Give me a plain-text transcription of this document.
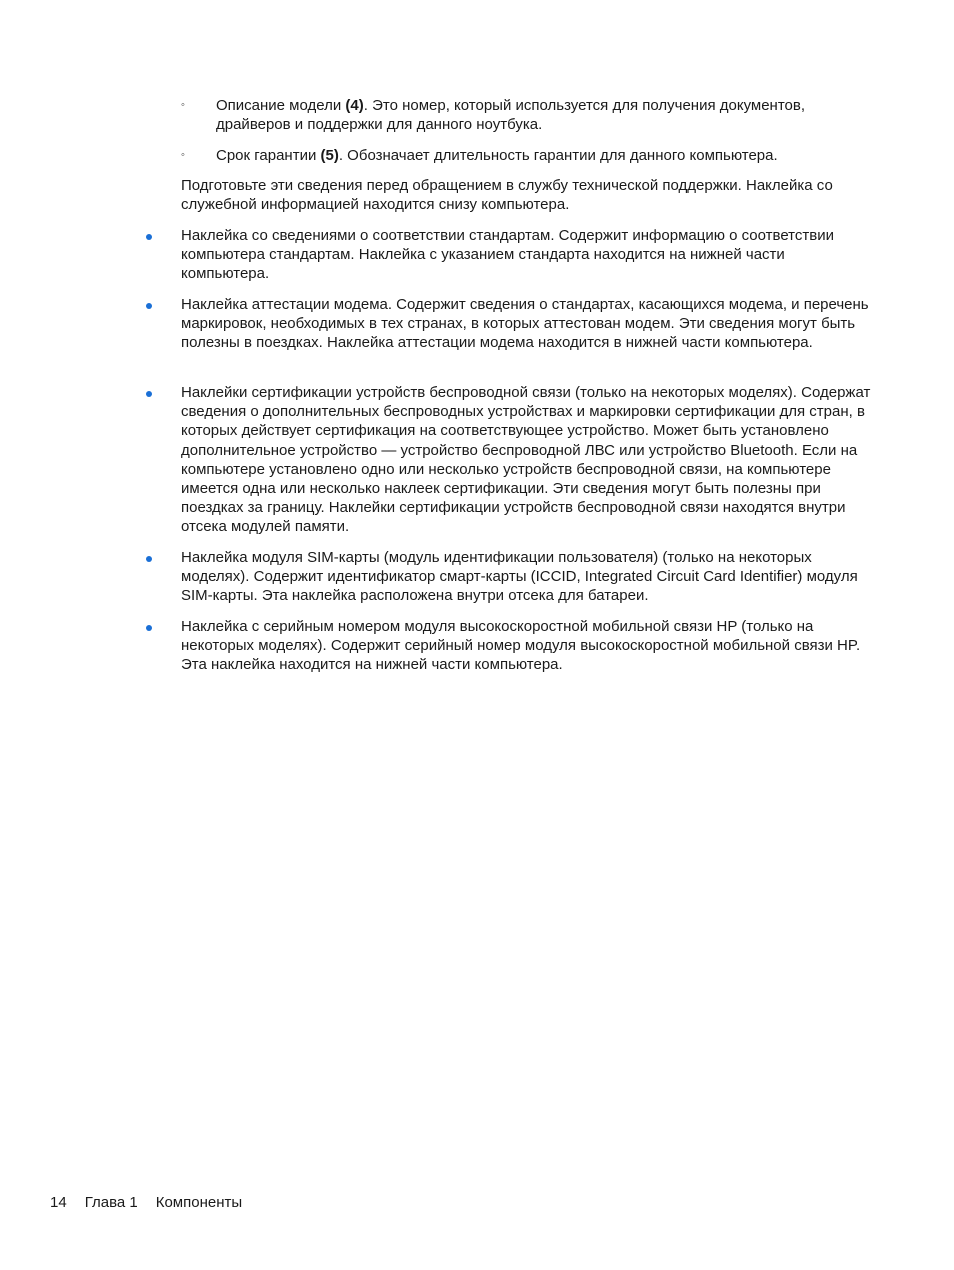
◦ Описание модели (4). Это номер, который используется для получения документов, драйверов и поддержки для данного ноутбука.
◦ Срок гарантии (5). Обозначает длительность гарантии для данного компьютера.
Подготовьте эти сведения перед обращением в службу технической поддержки. Наклейка со служебной информацией находится снизу компьютера.
Наклейка со сведениями о соответствии стандартам. Содержит информацию о соответствии компьютера стандартам. Наклейка с указанием стандарта находится на нижней части компьютера.
Наклейка аттестации модема. Содержит сведения о стандартах, касающихся модема, и перечень маркировок, необходимых в тех странах, в которых аттестован модем. Эти сведения могут быть полезны в поездках. Наклейка аттестации модема находится в нижней части компьютера.
Наклейки сертификации устройств беспроводной связи (только на некоторых моделях). Содержат сведения о дополнительных беспроводных устройствах и маркировки сертификации для стран, в которых действует сертификация на соответствующее устройство. Может быть установлено дополнительное устройство — устройство беспроводной ЛВС или устройство Bluetooth. Если на компьютере установлено одно или несколько устройств беспроводной связи, на компьютере имеется одна или несколько наклеек сертификации. Эти сведения могут быть полезны при поездках за границу. Наклейки сертификации устройств беспроводной связи находятся внутри отсека модулей памяти.
Наклейка модуля SIM-карты (модуль идентификации пользователя) (только на некоторых моделях). Содержит идентификатор смарт-карты (ICCID, Integrated Circuit Card Identifier) модуля SIM-карты. Эта наклейка расположена внутри отсека для батареи.
Наклейка с серийным номером модуля высокоскоростной мобильной связи HP (только на некоторых моделях). Содержит серийный номер модуля высокоскоростной мобильной связи HP. Эта наклейка находится на нижней части компьютера.
14 Глава 1 Компоненты
